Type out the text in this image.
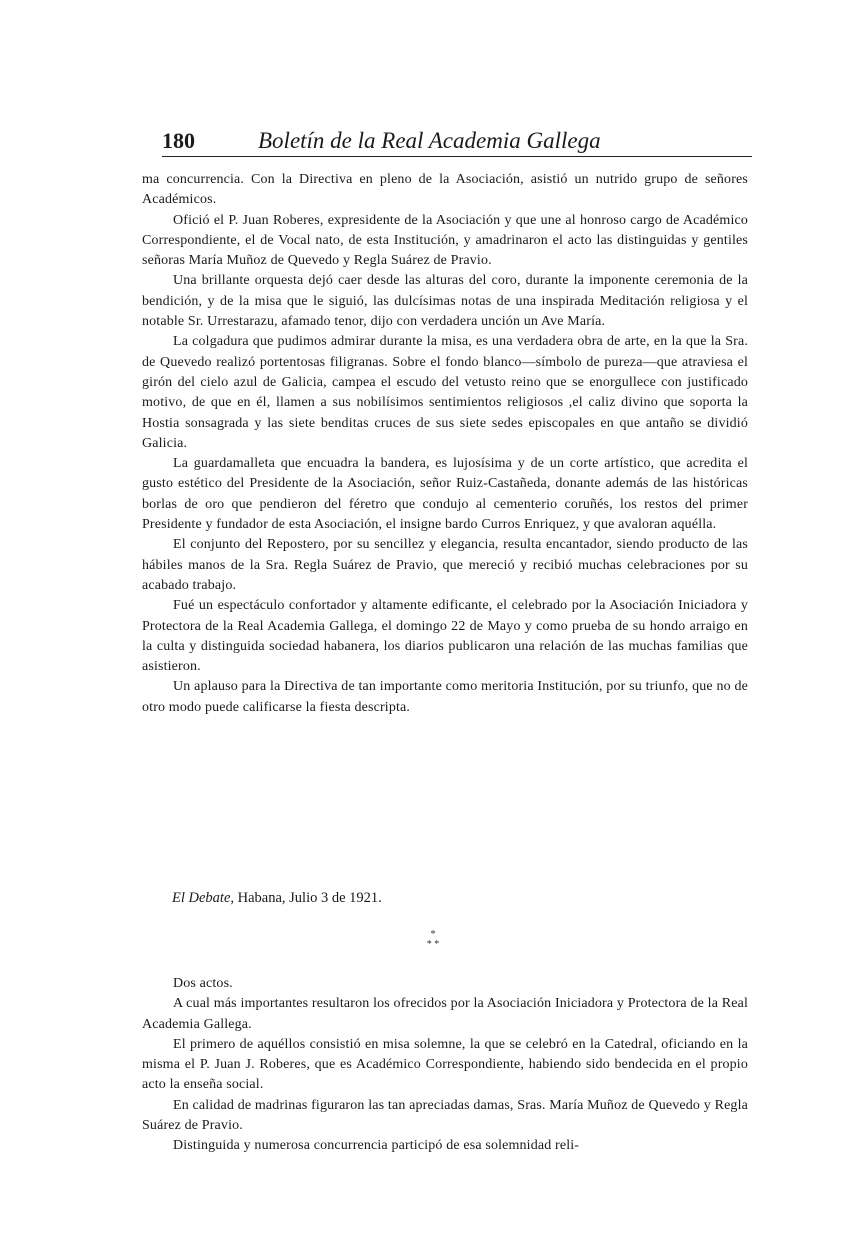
180	Boletín de la Real Academia Gallega

ma concurrencia. Con la Directiva en pleno de la Asociación, asistió un nutrido grupo de señores Académicos.

Ofició el P. Juan Roberes, expresidente de la Asociación y que une al honroso cargo de Académico Correspondiente, el de Vocal nato, de esta Institución, y amadrinaron el acto las distinguidas y gentiles señoras María Muñoz de Quevedo y Regla Suárez de Pravio.

Una brillante orquesta dejó caer desde las alturas del coro, durante la imponente ceremonia de la bendición, y de la misa que le siguió, las dulcísimas notas de una inspirada Meditación religiosa y el notable Sr. Urrestarazu, afamado tenor, dijo con verdadera unción un Ave María.

La colgadura que pudimos admirar durante la misa, es una verdadera obra de arte, en la que la Sra. de Quevedo realizó portentosas filigranas. Sobre el fondo blanco—símbolo de pureza—que atraviesa el girón del cielo azul de Galicia, campea el escudo del vetusto reino que se enorgullece con justificado motivo, de que en él, llamen a sus nobilísimos sentimientos religiosos ,el caliz divino que soporta la Hostia sonsagrada y las siete benditas cruces de sus siete sedes episcopales en que antaño se dividió Galicia.

La guardamalleta que encuadra la bandera, es lujosísima y de un corte artístico, que acredita el gusto estético del Presidente de la Asociación, señor Ruiz-Castañeda, donante además de las históricas borlas de oro que pendieron del féretro que condujo al cementerio coruñés, los restos del primer Presidente y fundador de esta Asociación, el insigne bardo Curros Enriquez, y que avaloran aquélla.

El conjunto del Repostero, por su sencillez y elegancia, resulta encantador, siendo producto de las hábiles manos de la Sra. Regla Suárez de Pravio, que mereció y recibió muchas celebraciones por su acabado trabajo.

Fué un espectáculo confortador y altamente edificante, el celebrado por la Asociación Iniciadora y Protectora de la Real Academia Gallega, el domingo 22 de Mayo y como prueba de su hondo arraigo en la culta y distinguida sociedad habanera, los diarios publicaron una relación de las muchas familias que asistieron.

Un aplauso para la Directiva de tan importante como meritoria Institución, por su triunfo, que no de otro modo puede calificarse la fiesta descripta.

El Debate, Habana, Julio 3 de 1921.
*
* *

Dos actos.

A cual más importantes resultaron los ofrecidos por la Asociación Iniciadora y Protectora de la Real Academia Gallega.

El primero de aquéllos consistió en misa solemne, la que se celebró en la Catedral, oficiando en la misma el P. Juan J. Roberes, que es Académico Correspondiente, habiendo sido bendecida en el propio acto la enseña social.

En calidad de madrinas figuraron las tan apreciadas damas, Sras. María Muñoz de Quevedo y Regla Suárez de Pravio.

Distinguida y numerosa concurrencia participó de esa solemnidad reli-
